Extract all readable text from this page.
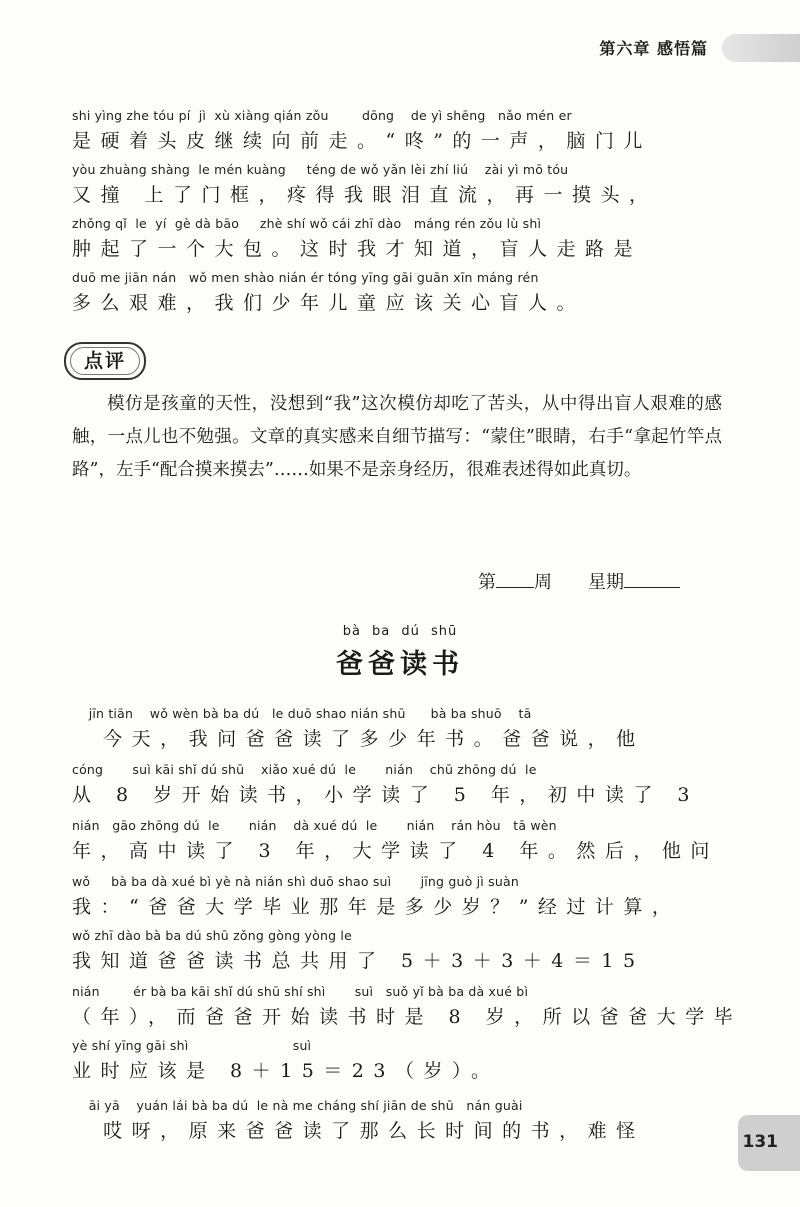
第六章 感悟篇
shi yìng zhe tóu pí  jì  xù xiàng qián zǒu        dōng    de yì shēng   nǎo mén er
是硬着头皮继续向前走。“咚”的一声，脑门儿
yòu zhuàng shàng  le mén kuàng     téng de wǒ yǎn lèi zhí liú    zài yì mō tóu
又撞 上了门框，疼得我眼泪直流，再一摸头，
zhǒng qǐ  le  yí  gè dà bāo     zhè shí wǒ cái zhī dào   máng rén zǒu lù shì
肿起了一个大包。这时我才知道，盲人走路是
duō me jiān nán   wǒ men shào nián ér tóng yīng gāi guān xīn máng rén
多么艰难，我们少年儿童应该关心盲人。
点评
模仿是孩童的天性，没想到“我”这次模仿却吃了苦头，从中得出盲人艰难的感触，一点儿也不勉强。文章的真实感来自细节描写：“蒙住”眼睛，右手“拿起竹竿点路”，左手“配合摸来摸去”……如果不是亲身经历，很难表述得如此真切。
第 周 星期
bà ba dú shū
爸爸读书
jīn tiān    wǒ wèn bà ba dú   le duō shao nián shū      bà ba shuō    tā
今天，我问爸爸读了多少年书。爸爸说，他
cóng       suì kāi shǐ dú shū    xiǎo xué dú  le       nián    chū zhōng dú  le
从 8 岁开始读书，小学读了 5 年，初中读了 3
nián   gāo zhōng dú  le       nián    dà xué dú  le       nián    rán hòu   tā wèn
年，高中读了 3 年，大学读了 4 年。然后，他问
wǒ     bà ba dà xué bì yè nà nián shì duō shao suì       jīng guò jì suàn
我：“爸爸大学毕业那年是多少岁？”经过计算，
wǒ zhī dào bà ba dú shū zǒng gòng yòng le
我知道爸爸读书总共用了 5＋3＋3＋4＝15
nián        ér bà ba kāi shǐ dú shū shí shì       suì   suǒ yǐ bà ba dà xué bì
（年），而爸爸开始读书时是 8 岁，所以爸爸大学毕
yè shí yīng gāi shì                         suì
业时应该是 8＋15＝23（岁）。
āi yā    yuán lái bà ba dú  le nà me cháng shí jiān de shū   nán guài
哎呀，原来爸爸读了那么长时间的书，难怪	131
